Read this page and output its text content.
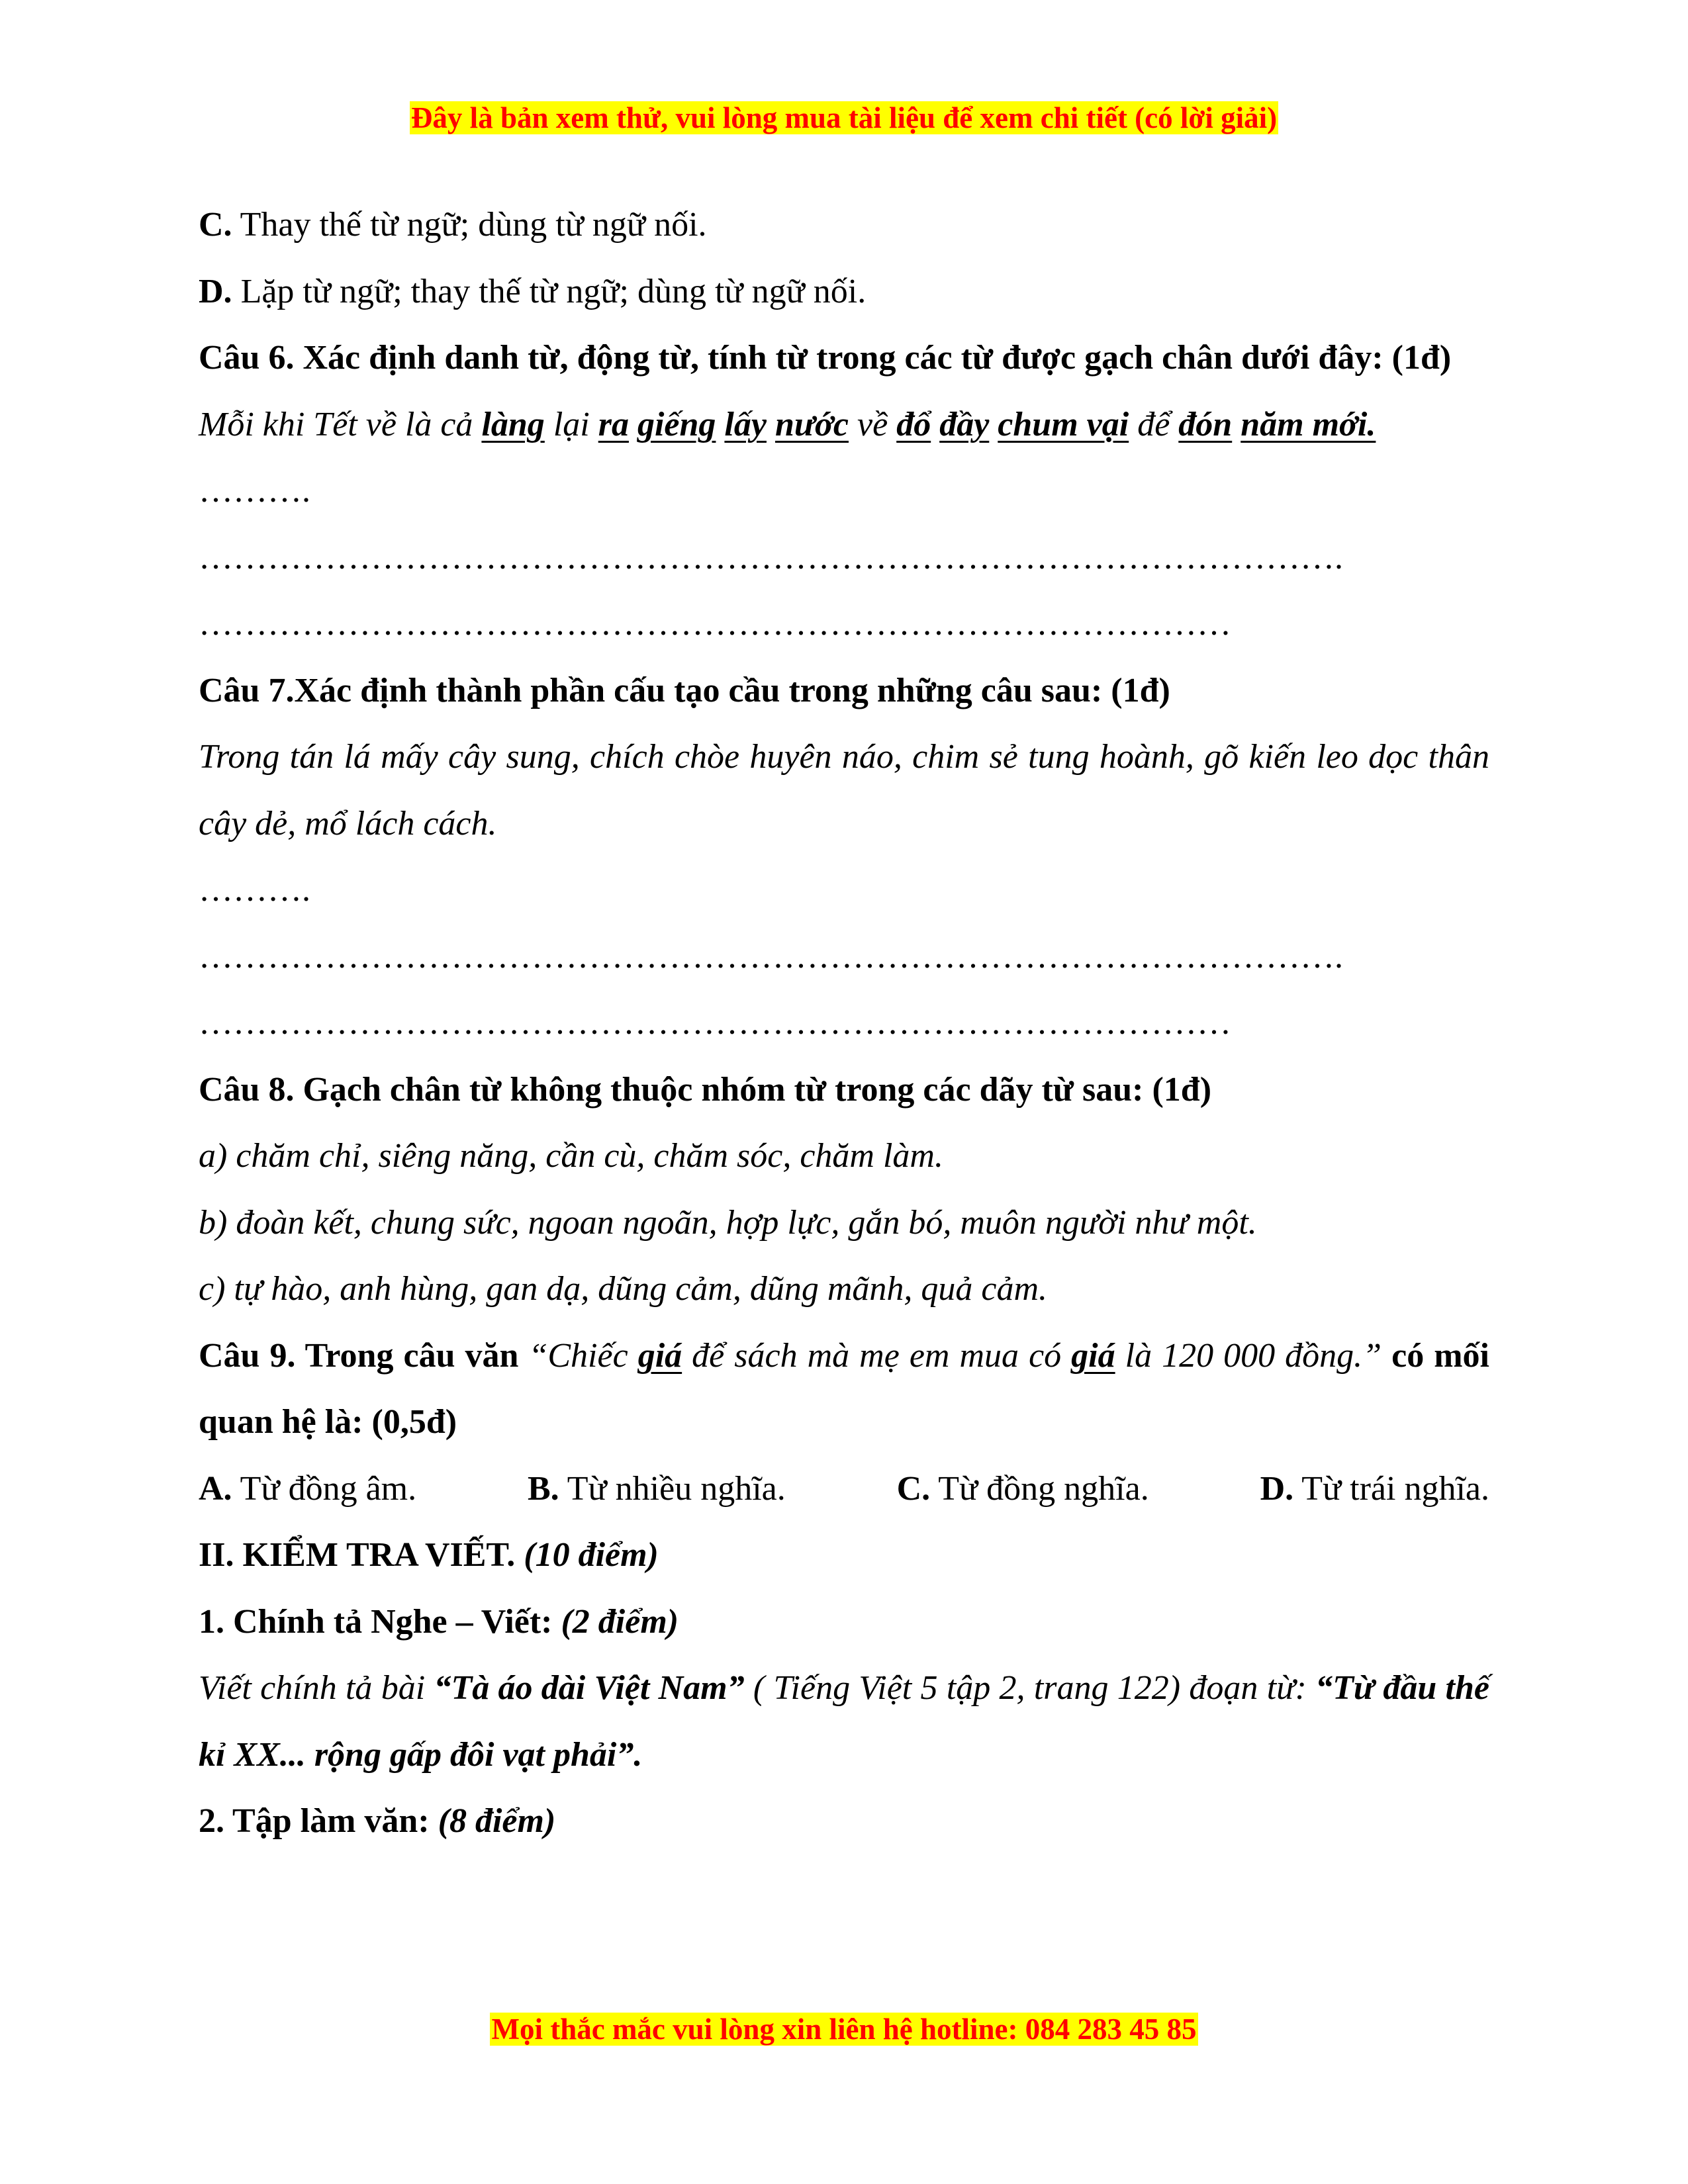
Đây là bản xem thử, vui lòng mua tài liệu để xem chi tiết (có lời giải)

C. Thay thế từ ngữ; dùng từ ngữ nối.

D. Lặp từ ngữ; thay thế từ ngữ; dùng từ ngữ nối.

Câu 6. Xác định danh từ, động từ, tính từ trong các từ được gạch chân dưới đây: (1đ)

Mỗi khi Tết về là cả làng lại ra giếng lấy nước về đổ đầy chum vại để đón năm mới.

……….

……………………………………………………………………………………….

………………………………………………………………………………

Câu 7.Xác định thành phần cấu tạo cầu trong những câu sau: (1đ)

Trong tán lá mấy cây sung, chích chòe huyên náo, chim sẻ tung hoành, gõ kiến leo dọc thân cây dẻ, mổ lách cách.

……….

……………………………………………………………………………………….

………………………………………………………………………………

Câu 8. Gạch chân từ không thuộc nhóm từ trong các dãy từ sau: (1đ)

a) chăm chỉ, siêng năng, cần cù, chăm sóc, chăm làm.

b) đoàn kết, chung sức, ngoan ngoãn, hợp lực, gắn bó, muôn người như một.

c) tự hào, anh hùng, gan dạ, dũng cảm, dũng mãnh, quả cảm.

Câu 9. Trong câu văn “Chiếc giá để sách mà mẹ em mua có giá là 120 000 đồng.” có mối quan hệ là: (0,5đ)

A. Từ đồng âm.	B. Từ nhiều nghĩa.	C. Từ đồng nghĩa.	D. Từ trái nghĩa.

II. KIỂM TRA VIẾT. (10 điểm)

1. Chính tả Nghe – Viết: (2 điểm)

Viết chính tả bài “Tà áo dài Việt Nam” ( Tiếng Việt 5 tập 2, trang 122) đoạn từ: “Từ đầu thế kỉ XX... rộng gấp đôi vạt phải”.

2. Tập làm văn: (8 điểm)

Mọi thắc mắc vui lòng xin liên hệ hotline: 084 283 45 85
